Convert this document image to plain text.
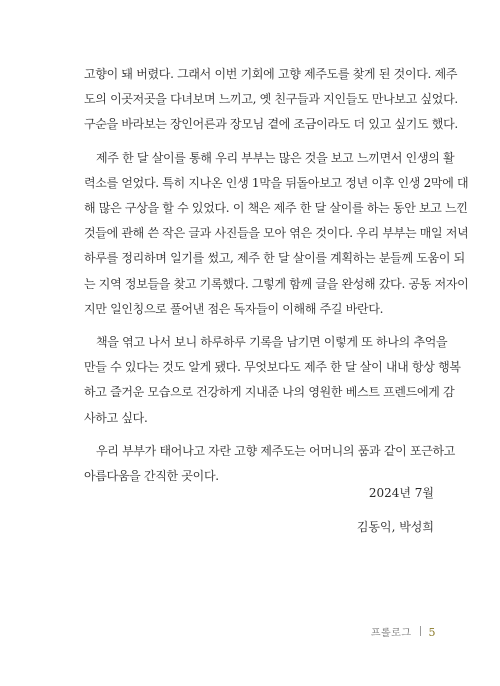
고향이 돼 버렸다. 그래서 이번 기회에 고향 제주도를 찾게 된 것이다. 제주
도의 이곳저곳을 다녀보며 느끼고, 옛 친구들과 지인들도 만나보고 싶었다.
구순을 바라보는 장인어른과 장모님 곁에 조금이라도 더 있고 싶기도 했다.

제주 한 달 살이를 통해 우리 부부는 많은 것을 보고 느끼면서 인생의 활
력소를 얻었다. 특히 지나온 인생 1막을 뒤돌아보고 정년 이후 인생 2막에 대
해 많은 구상을 할 수 있었다. 이 책은 제주 한 달 살이를 하는 동안 보고 느낀
것들에 관해 쓴 작은 글과 사진들을 모아 엮은 것이다. 우리 부부는 매일 저녁
하루를 정리하며 일기를 썼고, 제주 한 달 살이를 계획하는 분들께 도움이 되
는 지역 정보들을 찾고 기록했다. 그렇게 함께 글을 완성해 갔다. 공동 저자이
지만 일인칭으로 풀어낸 점은 독자들이 이해해 주길 바란다.

책을 엮고 나서 보니 하루하루 기록을 남기면 이렇게 또 하나의 추억을
만들 수 있다는 것도 알게 됐다. 무엇보다도 제주 한 달 살이 내내 항상 행복
하고 즐거운 모습으로 건강하게 지내준 나의 영원한 베스트 프렌드에게 감
사하고 싶다.

우리 부부가 태어나고 자란 고향 제주도는 어머니의 품과 같이 포근하고
아름다움을 간직한 곳이다.

2024년 7월
김동익, 박성희
프롤로그 5
